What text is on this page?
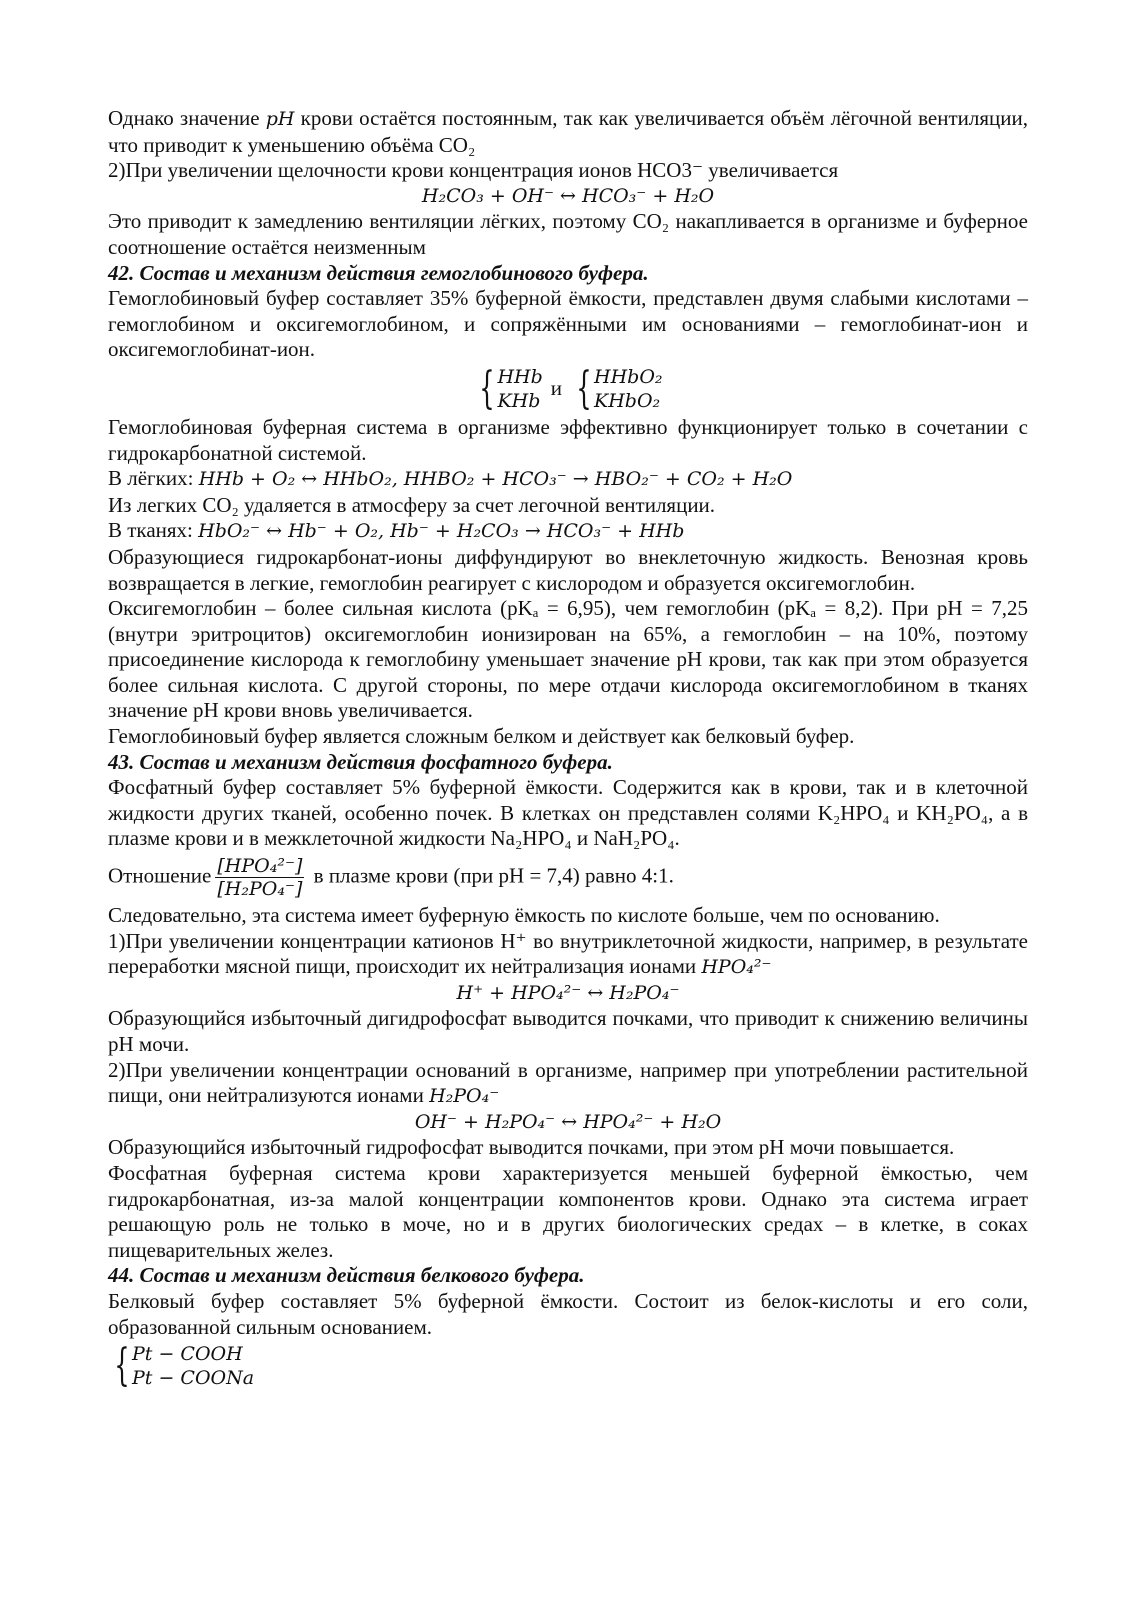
Однако значение pH крови остаётся постоянным, так как увеличивается объём лёгочной вентиляции, что приводит к уменьшению объёма CO₂

2)При увеличении щелочности крови концентрация ионов HCO3⁻ увеличивается

H₂CO₃ + OH⁻ ↔ HCO₃⁻ + H₂O

Это приводит к замедлению вентиляции лёгких, поэтому CO₂ накапливается в организме и буферное соотношение остаётся неизменным

42. Состав и механизм действия гемоглобинового буфера.

Гемоглобиновый буфер составляет 35% буферной ёмкости, представлен двумя слабыми кислотами – гемоглобином и оксигемоглобином, и сопряжёнными им основаниями – гемоглобинат-ион и оксигемоглобинат-ион.

{ HHb
KHb
и { HHbO₂
KHbO₂

Гемоглобиновая буферная система в организме эффективно функционирует только в сочетании с гидрокарбонатной системой.

В лёгких: HHb + O₂ ↔ HHbO₂, HHBO₂ + HCO₃⁻ → HBO₂⁻ + CO₂ + H₂O

Из легких CO₂ удаляется в атмосферу за счет легочной вентиляции.

В тканях: HbO₂⁻ ↔ Hb⁻ + O₂, Hb⁻ + H₂CO₃ → HCO₃⁻ + HHb

Образующиеся гидрокарбонат-ионы диффундируют во внеклеточную жидкость. Венозная кровь возвращается в легкие, гемоглобин реагирует с кислородом и образуется оксигемоглобин.

Оксигемоглобин – более сильная кислота (pKₐ = 6,95), чем гемоглобин (pKₐ = 8,2). При pH = 7,25 (внутри эритроцитов) оксигемоглобин ионизирован на 65%, а гемоглобин – на 10%, поэтому присоединение кислорода к гемоглобину уменьшает значение pH крови, так как при этом образуется более сильная кислота. С другой стороны, по мере отдачи кислорода оксигемоглобином в тканях значение pH крови вновь увеличивается.

Гемоглобиновый буфер является сложным белком и действует как белковый буфер.

43. Состав и механизм действия фосфатного буфера.

Фосфатный буфер составляет 5% буферной ёмкости. Содержится как в крови, так и в клеточной жидкости других тканей, особенно почек. В клетках он представлен солями K₂HPO₄ и KH₂PO₄, а в плазме крови и в межклеточной жидкости Na₂HPO₄ и NaH₂PO₄.

Отношение $\frac{\text{[HPO₄²⁻]}}{\text{[H₂PO₄⁻]}}$ в плазме крови (при pH = 7,4) равно 4:1.

Следовательно, эта система имеет буферную ёмкость по кислоте больше, чем по основанию.

1)При увеличении концентрации катионов H⁺ во внутриклеточной жидкости, например, в результате переработки мясной пищи, происходит их нейтрализация ионами HPO₄²⁻

H⁺ + HPO₄²⁻ ↔ H₂PO₄⁻

Образующийся избыточный дигидрофосфат выводится почками, что приводит к снижению величины pH мочи.

2)При увеличении концентрации оснований в организме, например при употреблении растительной пищи, они нейтрализуются ионами H₂PO₄⁻

OH⁻ + H₂PO₄⁻ ↔ HPO₄²⁻ + H₂O

Образующийся избыточный гидрофосфат выводится почками, при этом pH мочи повышается.

Фосфатная буферная система крови характеризуется меньшей буферной ёмкостью, чем гидрокарбонатная, из-за малой концентрации компонентов крови. Однако эта система играет решающую роль не только в моче, но и в других биологических средах – в клетке, в соках пищеварительных желез.

44. Состав и механизм действия белкового буфера.

Белковый буфер составляет 5% буферной ёмкости. Состоит из белок-кислоты и его соли, образованной сильным основанием.

{ Pt − COOH
Pt − COONa
